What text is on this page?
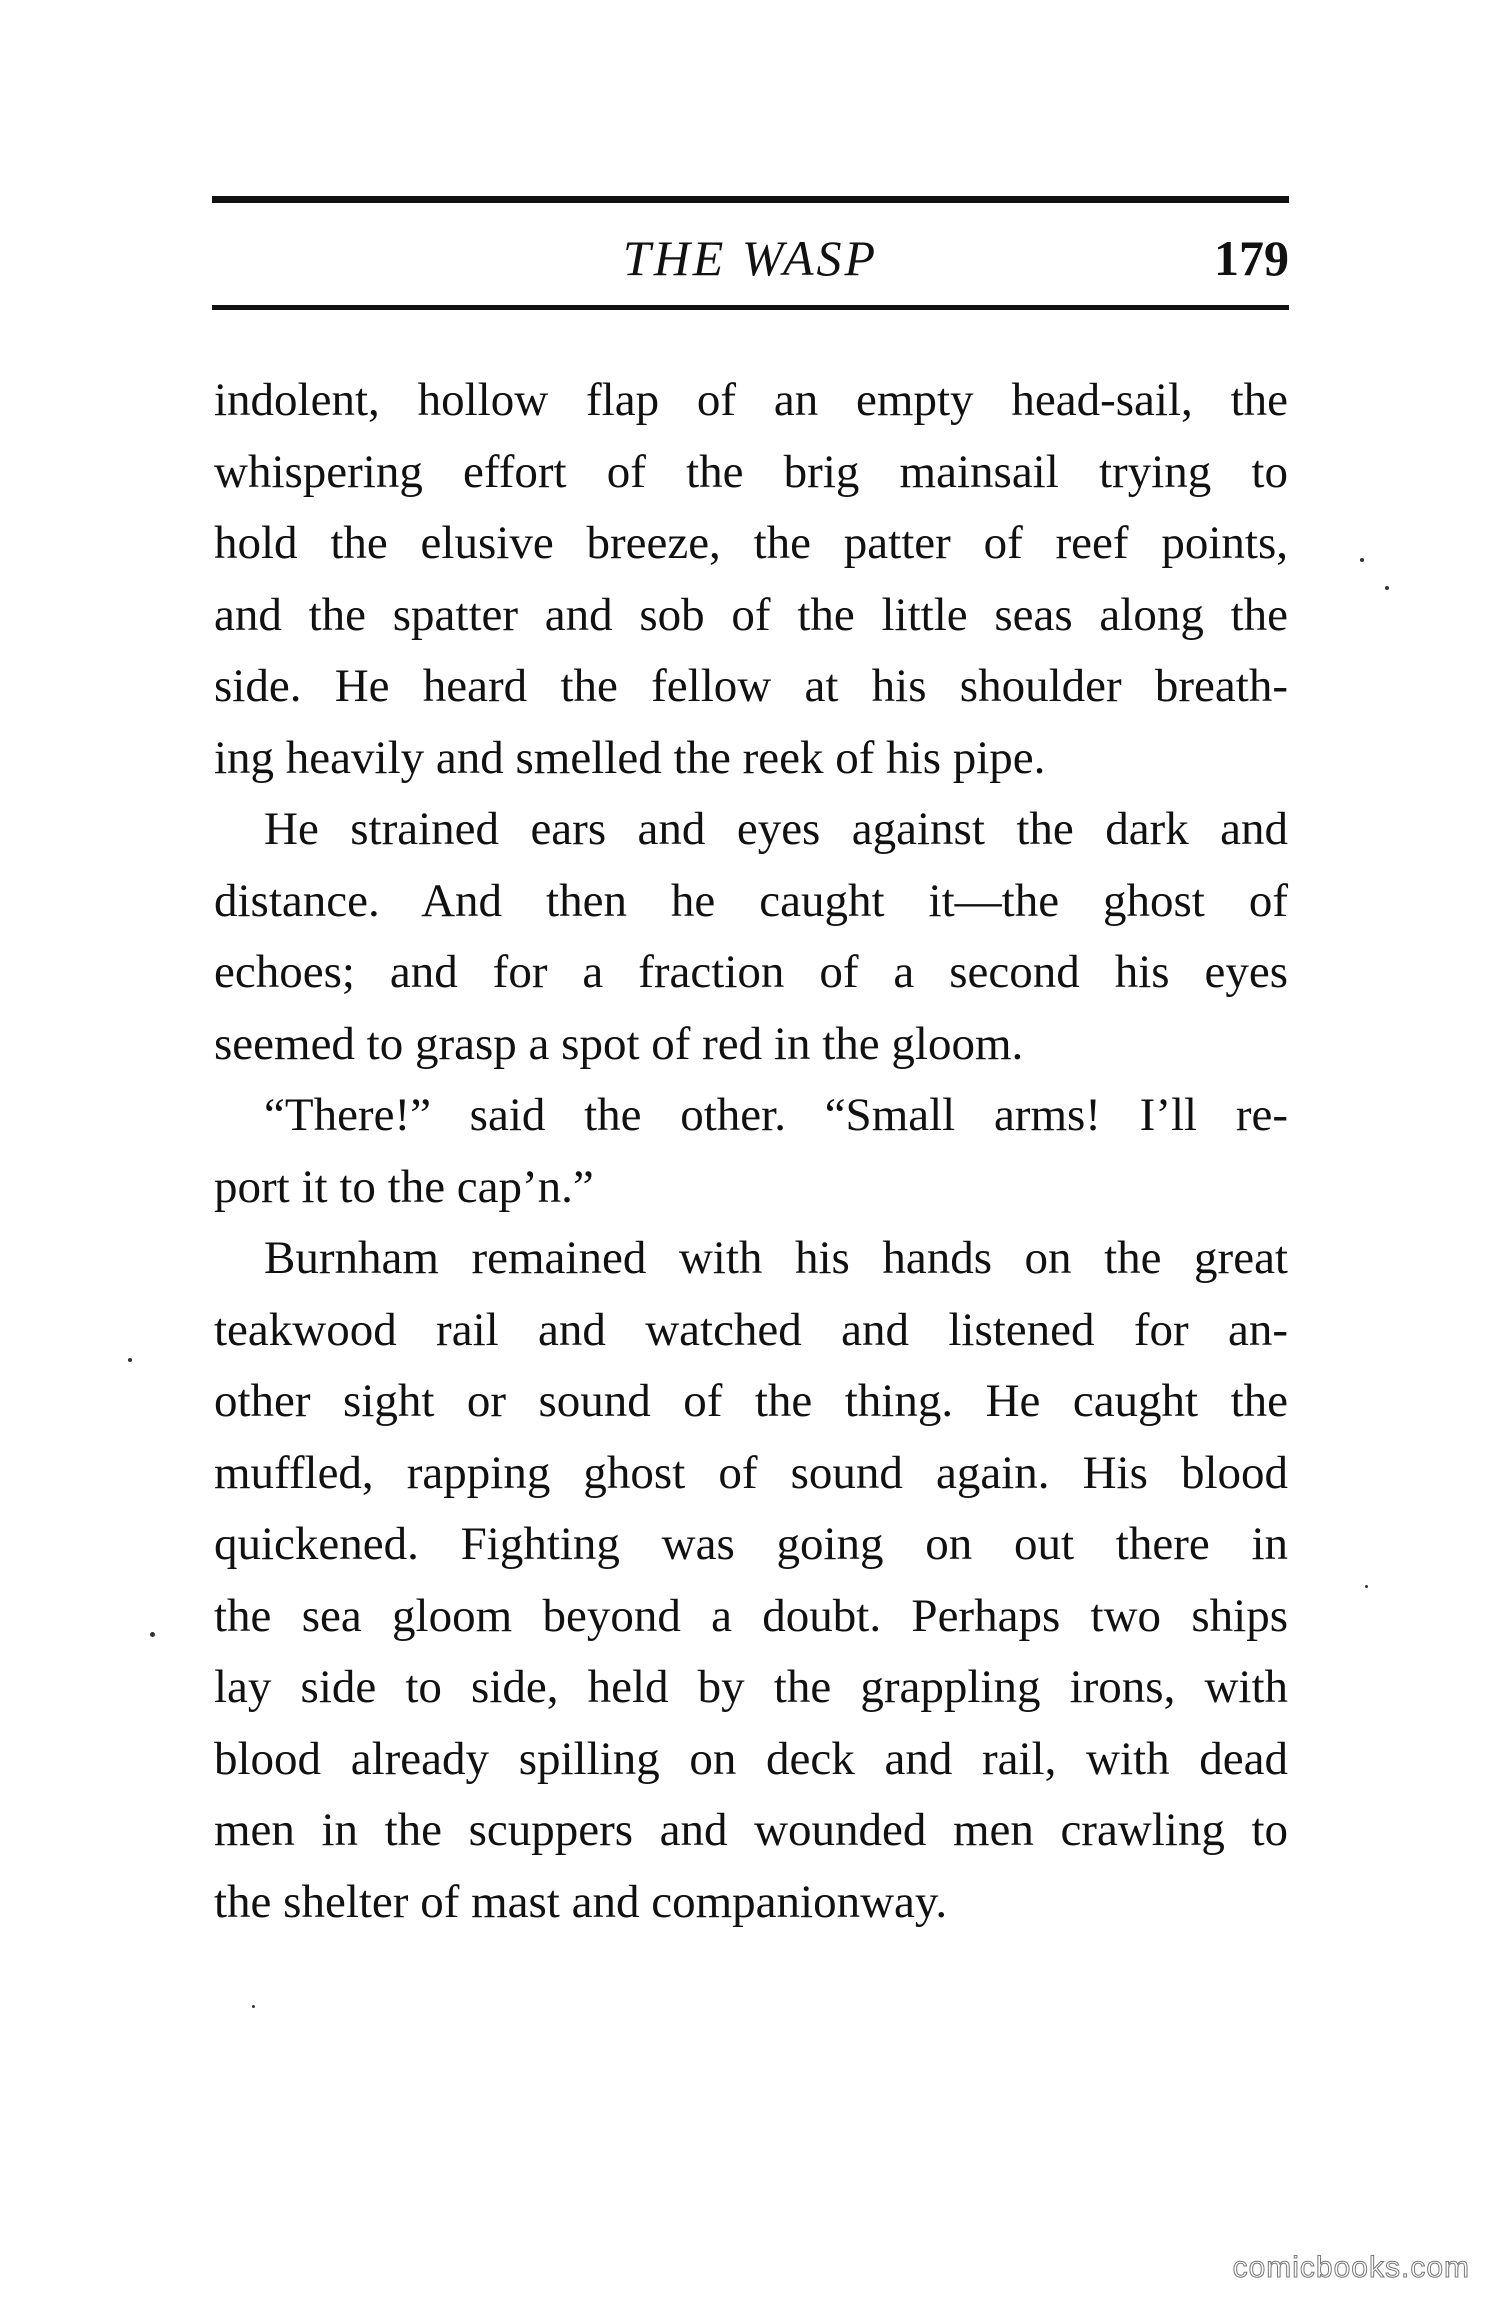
THE WASP	179
indolent, hollow flap of an empty head-sail, the
whispering effort of the brig mainsail trying to
hold the elusive breeze, the patter of reef points,
and the spatter and sob of the little seas along the
side. He heard the fellow at his shoulder breath-
ing heavily and smelled the reek of his pipe.
He strained ears and eyes against the dark and
distance. And then he caught it—the ghost of
echoes; and for a fraction of a second his eyes
seemed to grasp a spot of red in the gloom.
“There!” said the other. “Small arms! I’ll re-
port it to the cap’n.”
Burnham remained with his hands on the great
teakwood rail and watched and listened for an-
other sight or sound of the thing. He caught the
muffled, rapping ghost of sound again. His blood
quickened. Fighting was going on out there in
the sea gloom beyond a doubt. Perhaps two ships
lay side to side, held by the grappling irons, with
blood already spilling on deck and rail, with dead
men in the scuppers and wounded men crawling to
the shelter of mast and companionway.
comicbooks.com
